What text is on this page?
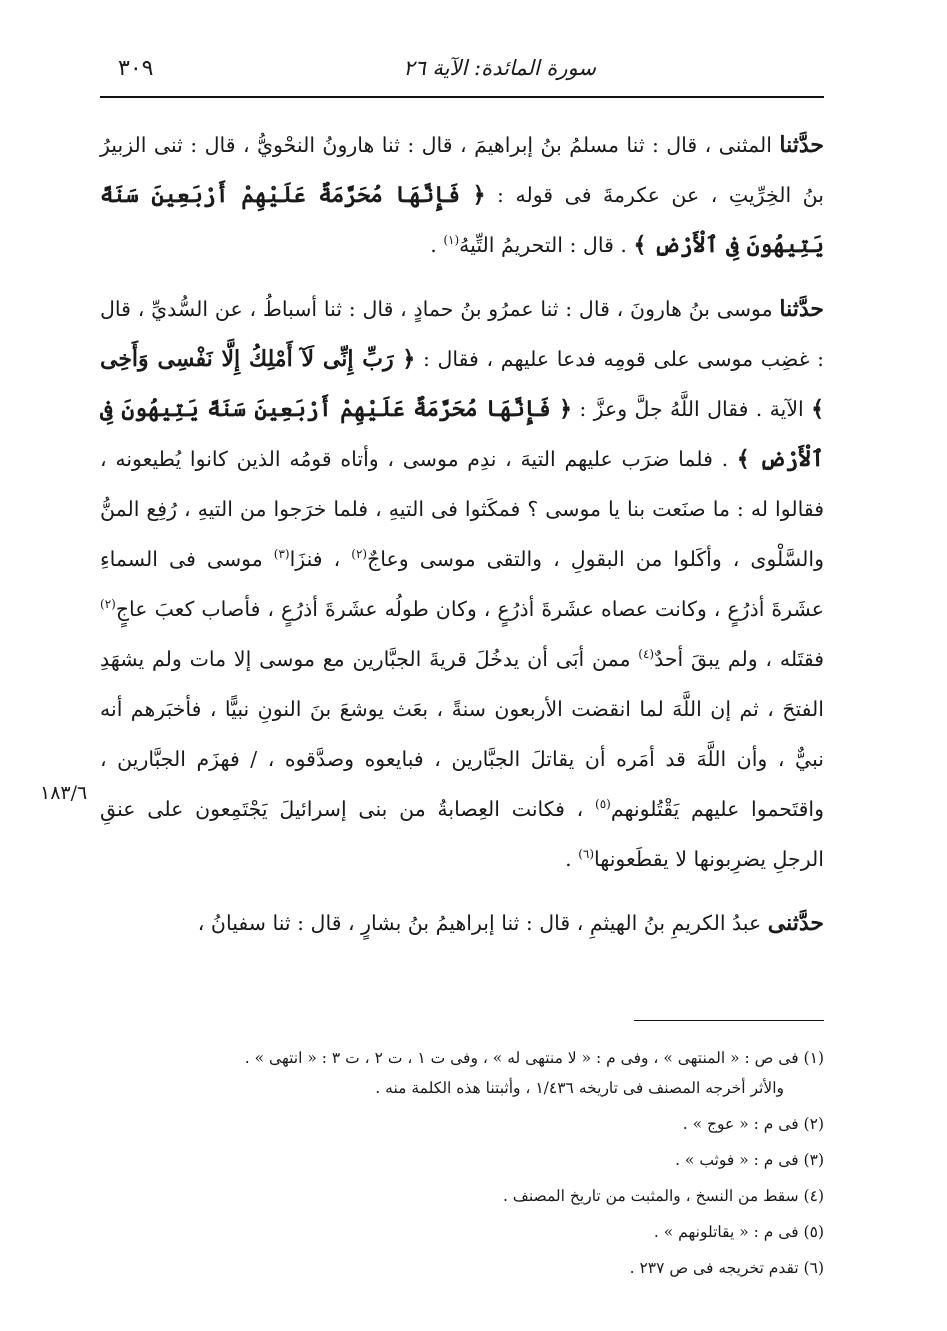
سورة المائدة: الآية ٢٦
٣٠٩

حدَّثنا المثنى ، قال : ثنا مسلمُ بنُ إبراهيمَ ، قال : ثنا هارونُ النحْويُّ ، قال : ثنى الزبيرُ بنُ الخِرِّيتِ ، عن عكرمةَ فى قوله : ﴿ فَإِنَّهَا مُحَرَّمَةٌ عَلَيْهِمْ أَرْبَعِينَ سَنَةً يَتِيهُونَ فِى ٱلْأَرْضِ ﴾ . قال : التحريمُ التِّيهُ$^{(١)}$ .

حدَّثنا موسى بنُ هارونَ ، قال : ثنا عمرُو بنُ حمادٍ ، قال : ثنا أسباطُ ، عن السُّديِّ ، قال : غضِب موسى على قومِه فدعا عليهم ، فقال : ﴿ رَبِّ إِنِّى لَآ أَمْلِكُ إِلَّا نَفْسِى وَأَخِى ﴾ الآية . فقال اللَّهُ جلَّ وعزَّ : ﴿ فَإِنَّهَا مُحَرَّمَةٌ عَلَيْهِمْ أَرْبَعِينَ سَنَةً يَتِيهُونَ فِى ٱلْأَرْضِ ﴾ . فلما ضرَب عليهم التيهَ ، ندِم موسى ، وأتاه قومُه الذين كانوا يُطيعونه ، فقالوا له : ما صنَعت بنا يا موسى ؟ فمكَثوا فى التيهِ ، فلما خرَجوا من التيهِ ، رُفِع المنُّ والسَّلْوى ، وأكَلوا من البقولِ ، والتقى موسى وعاجٌ$^{(٢)}$ ، فنزَا$^{(٣)}$ موسى فى السماءِ عشَرةَ أذرُعٍ ، وكانت عصاه عشَرةَ أذرُعٍ ، وكان طولُه عشَرةَ أذرُعٍ ، فأصاب كعبَ عاجٍ$^{(٢)}$ فقتَله ، ولم يبقَ أحدٌ$^{(٤)}$ ممن أبَى أن يدخُلَ قريةَ الجبَّارين مع موسى إلا مات ولم يشهَدِ الفتحَ ، ثم إن اللَّهَ لما انقضت الأربعون سنةً ، بعَث يوشعَ بنَ النونِ نبيًّا ، فأخبَرهم أنه نبيٌّ ، وأن اللَّهَ قد أمَره أن يقاتلَ الجبَّارين ، فبايعوه وصدَّقوه ، / فهزَم الجبَّارين ، واقتَحموا عليهم يَقْتُلونهم$^{(٥)}$ ، فكانت العِصابةُ من بنى إسرائيلَ يَجْتَمِعون على عنقِ الرجلِ يضرِبونها لا يقطَعونها$^{(٦)}$ .

حدَّثنى عبدُ الكريمِ بنُ الهيثمِ ، قال : ثنا إبراهيمُ بنُ بشارٍ ، قال : ثنا سفيانُ ،

١٨٣/٦

(١) فى ص : « المنتهى » ، وفى م : « لا منتهى له » ، وفى ت ١ ، ت ٢ ، ت ٣ : « انتهى » .

والأثر أخرجه المصنف فى تاريخه ١/٤٣٦ ، وأثبتنا هذه الكلمة منه .

(٢) فى م : « عوج » .

(٣) فى م : « فوثب » .

(٤) سقط من النسخ ، والمثبت من تاريخ المصنف .

(٥) فى م : « يقاتلونهم » .

(٦) تقدم تخريجه فى ص ٢٣٧ .
